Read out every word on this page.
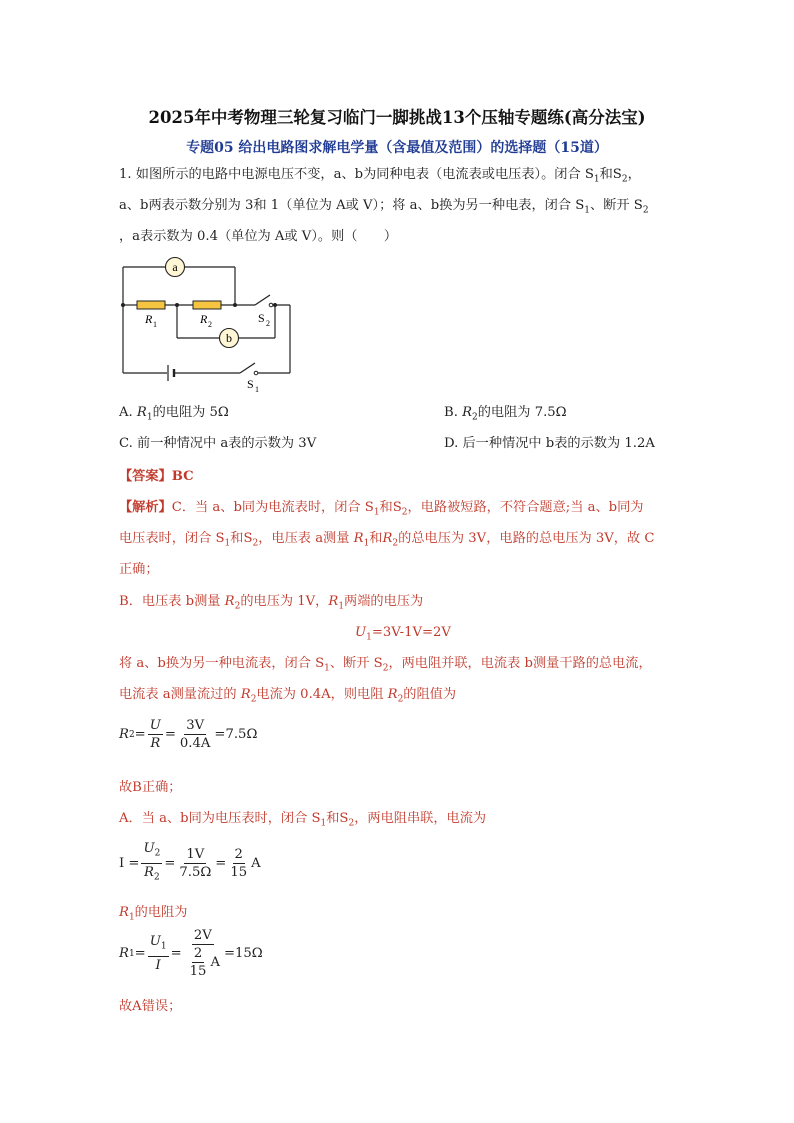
2025年中考物理三轮复习临门一脚挑战13个压轴专题练(高分法宝)
专题05 给出电路图求解电学量（含最值及范围）的选择题（15道）
1. 如图所示的电路中电源电压不变，a、b为同种电表（电流表或电压表）。闭合 $S_1$和$S_2$，
a、b两表示数分别为 3和 1（单位为 A或 V）；将 a、b换为另一种电表，闭合 $S_1$、断开 $S_2$
，a表示数为 0.4（单位为 A或 V）。则（　　）
a
b
R 1	R 2	S 2
S 1
A. $R_1$的电阻为 5Ω	B. $R_2$的电阻为 7.5Ω
C. 前一种情况中 a表的示数为 3V	D. 后一种情况中 b表的示数为 1.2A
【答案】BC
【解析】C．当 a、b同为电流表时，闭合 $S_1$和$S_2$，电路被短路，不符合题意;当 a、b同为
电压表时，闭合 $S_1$和$S_2$，电压表 a测量 $R_1$和$R_2$的总电压为 3V，电路的总电压为 3V，故 C
正确；
B．电压表 b测量 $R_2$的电压为 1V，$R_1$两端的电压为
$U_1=3V-1V=2V$
将 a、b换为另一种电流表，闭合 $S_1$、断开 $S_2$，两电阻并联，电流表 b测量干路的总电流，
电流表 a测量流过的 $R_2$电流为 0.4A，则电阻 $R_2$的阻值为
R $2 = \frac{U}{R} = \frac{3V}{0.4A} =7.5\Omega$
故B正确；
A．当 a、b同为电压表时，闭合 $S_1$和$S_2$，两电阻串联，电流为
$I = \frac{U_2}{R_2} = \frac{1V}{7.5\Omega} = \frac{2}{15}$ A
$R_1$的电阻为
R $1 = \frac{U_1}{I} = \frac{2V}{\frac{2}{15} A} =15\Omega$
故A错误；
